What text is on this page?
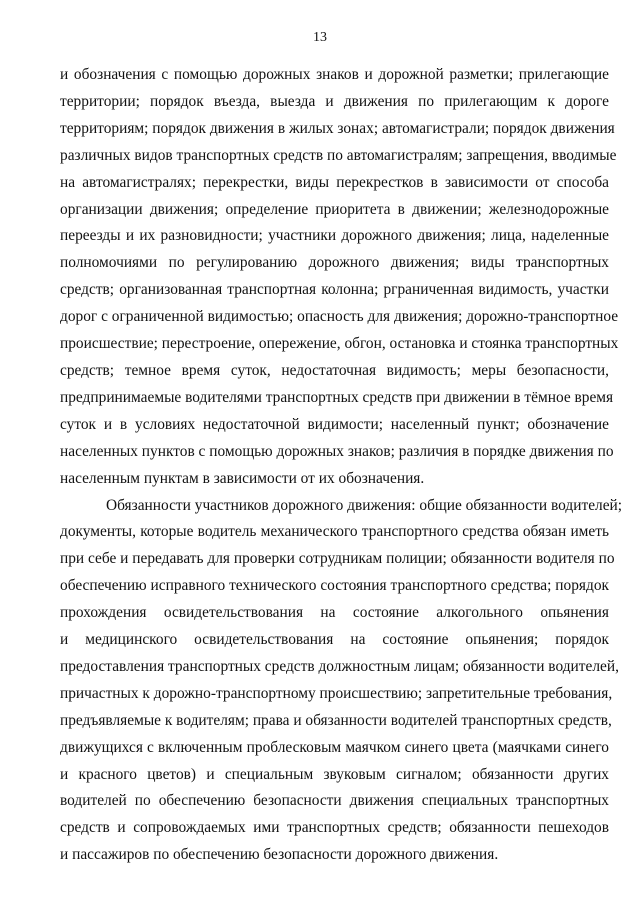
13
и обозначения с помощью дорожных знаков и дорожной разметки; прилегающие
территории; порядок въезда, выезда и движения по прилегающим к дороге
территориям; порядок движения в жилых зонах; автомагистрали; порядок движения
различных видов транспортных средств по автомагистралям; запрещения, вводимые
на автомагистралях; перекрестки, виды перекрестков в зависимости от способа
организации движения; определение приоритета в движении; железнодорожные
переезды и их разновидности; участники дорожного движения; лица, наделенные
полномочиями по регулированию дорожного движения; виды транспортных
средств; организованная транспортная колонна; рграниченная видимость, участки
дорог с ограниченной видимостью; опасность для движения; дорожно-транспортное
происшествие; перестроение, опережение, обгон, остановка и стоянка транспортных
средств; темное время суток, недостаточная видимость; меры безопасности,
предпринимаемые водителями транспортных средств при движении в тёмное время
суток и в условиях недостаточной видимости; населенный пункт; обозначение
населенных пунктов с помощью дорожных знаков; различия в порядке движения по
населенным пунктам в зависимости от их обозначения.
Обязанности участников дорожного движения: общие обязанности водителей;
документы, которые водитель механического транспортного средства обязан иметь
при себе и передавать для проверки сотрудникам полиции; обязанности водителя по
обеспечению исправного технического состояния транспортного средства; порядок
прохождения освидетельствования на состояние алкогольного опьянения
и медицинского освидетельствования на состояние опьянения; порядок
предоставления транспортных средств должностным лицам; обязанности водителей,
причастных к дорожно-транспортному происшествию; запретительные требования,
предъявляемые к водителям; права и обязанности водителей транспортных средств,
движущихся с включенным проблесковым маячком синего цвета (маячками синего
и красного цветов) и специальным звуковым сигналом; обязанности других
водителей по обеспечению безопасности движения специальных транспортных
средств и сопровождаемых ими транспортных средств; обязанности пешеходов
и пассажиров по обеспечению безопасности дорожного движения.
